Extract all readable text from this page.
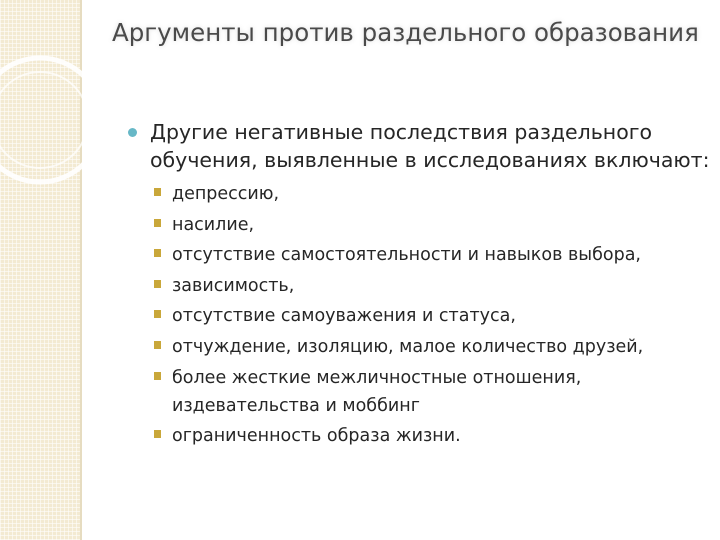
Аргументы против раздельного образования
Другие негативные последствия раздельного обучения, выявленные в исследованиях включают:
депрессию,
насилие,
отсутствие самостоятельности и навыков выбора,
зависимость,
отсутствие самоуважения и статуса,
отчуждение, изоляцию, малое количество друзей,
более жесткие межличностные отношения, издевательства и моббинг
ограниченность образа жизни.
